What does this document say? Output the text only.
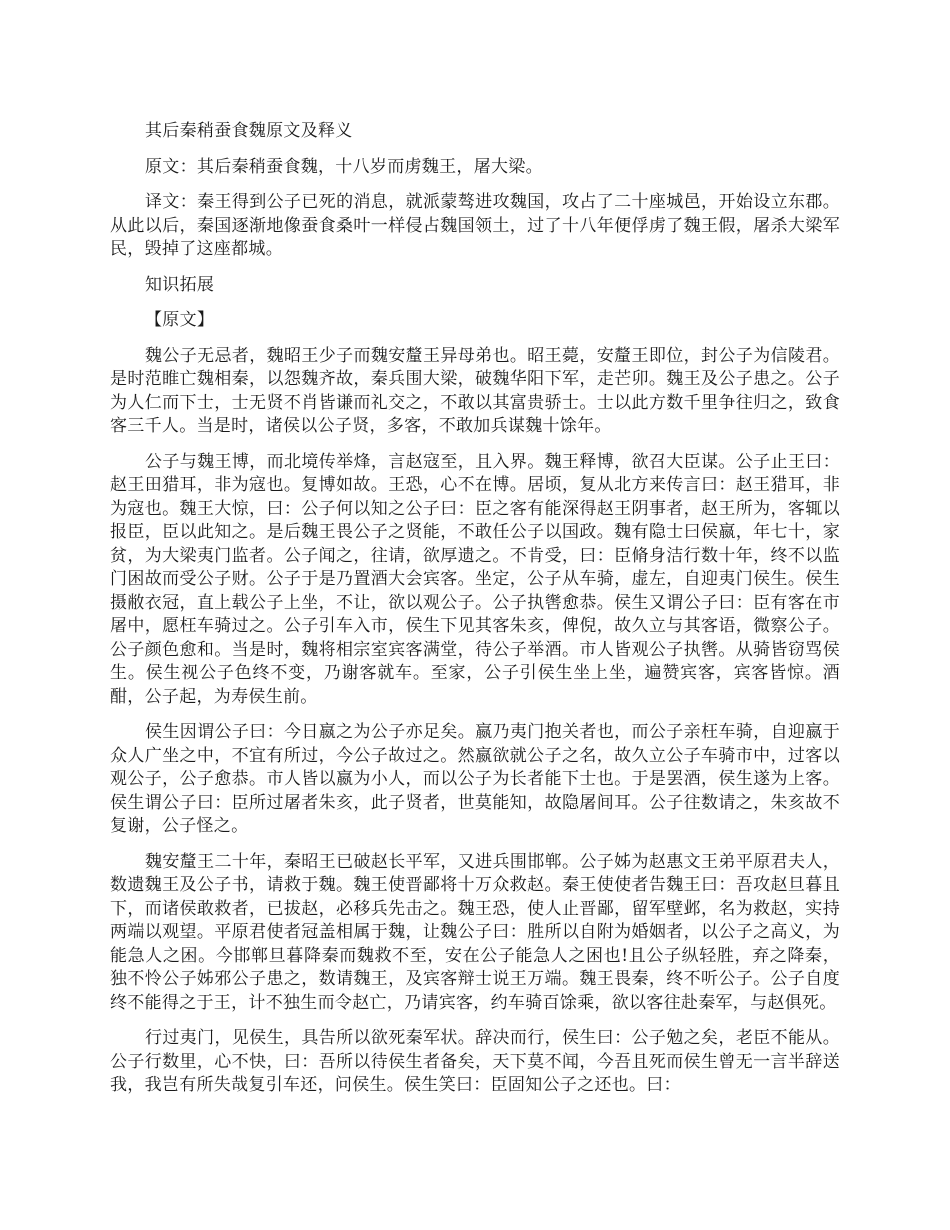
其后秦稍蚕食魏原文及释义

原文：其后秦稍蚕食魏，十八岁而虏魏王，屠大梁。

译文：秦王得到公子已死的消息，就派蒙骜进攻魏国，攻占了二十座城邑，开始设立东郡。从此以后，秦国逐渐地像蚕食桑叶一样侵占魏国领土，过了十八年便俘虏了魏王假，屠杀大梁军民，毁掉了这座都城。

知识拓展

【原文】

魏公子无忌者，魏昭王少子而魏安釐王异母弟也。昭王薨，安釐王即位，封公子为信陵君。是时范睢亡魏相秦，以怨魏齐故，秦兵围大梁，破魏华阳下军，走芒卯。魏王及公子患之。公子为人仁而下士，士无贤不肖皆谦而礼交之，不敢以其富贵骄士。士以此方数千里争往归之，致食客三千人。当是时，诸侯以公子贤，多客，不敢加兵谋魏十馀年。

公子与魏王博，而北境传举烽，言赵寇至，且入界。魏王释博，欲召大臣谋。公子止王曰：赵王田猎耳，非为寇也。复博如故。王恐，心不在博。居顷，复从北方来传言曰：赵王猎耳，非为寇也。魏王大惊，曰：公子何以知之公子曰：臣之客有能深得赵王阴事者，赵王所为，客辄以报臣，臣以此知之。是后魏王畏公子之贤能，不敢任公子以国政。魏有隐士曰侯嬴，年七十，家贫，为大梁夷门监者。公子闻之，往请，欲厚遗之。不肯受，曰：臣脩身洁行数十年，终不以监门困故而受公子财。公子于是乃置酒大会宾客。坐定，公子从车骑，虚左，自迎夷门侯生。侯生摄敝衣冠，直上载公子上坐，不让，欲以观公子。公子执辔愈恭。侯生又谓公子曰：臣有客在市屠中，愿枉车骑过之。公子引车入市，侯生下见其客朱亥，俾倪，故久立与其客语，微察公子。公子颜色愈和。当是时，魏将相宗室宾客满堂，待公子举酒。市人皆观公子执辔。从骑皆窃骂侯生。侯生视公子色终不变，乃谢客就车。至家，公子引侯生坐上坐，遍赞宾客，宾客皆惊。酒酣，公子起，为寿侯生前。

侯生因谓公子曰：今日嬴之为公子亦足矣。嬴乃夷门抱关者也，而公子亲枉车骑，自迎嬴于众人广坐之中，不宜有所过，今公子故过之。然嬴欲就公子之名，故久立公子车骑市中，过客以观公子，公子愈恭。市人皆以嬴为小人，而以公子为长者能下士也。于是罢酒，侯生遂为上客。侯生谓公子曰：臣所过屠者朱亥，此子贤者，世莫能知，故隐屠间耳。公子往数请之，朱亥故不复谢，公子怪之。

魏安釐王二十年，秦昭王已破赵长平军，又进兵围邯郸。公子姊为赵惠文王弟平原君夫人，数遗魏王及公子书，请救于魏。魏王使晋鄙将十万众救赵。秦王使使者告魏王曰：吾攻赵旦暮且下，而诸侯敢救者，已拔赵，必移兵先击之。魏王恐，使人止晋鄙，留军壁邺，名为救赵，实持两端以观望。平原君使者冠盖相属于魏，让魏公子曰：胜所以自附为婚姻者，以公子之高义，为能急人之困。今邯郸旦暮降秦而魏救不至，安在公子能急人之困也!且公子纵轻胜，弃之降秦，独不怜公子姊邪公子患之，数请魏王，及宾客辩士说王万端。魏王畏秦，终不听公子。公子自度终不能得之于王，计不独生而令赵亡，乃请宾客，约车骑百馀乘，欲以客往赴秦军，与赵俱死。

行过夷门，见侯生，具告所以欲死秦军状。辞决而行，侯生曰：公子勉之矣，老臣不能从。公子行数里，心不快，曰：吾所以待侯生者备矣，天下莫不闻，今吾且死而侯生曾无一言半辞送我，我岂有所失哉复引车还，问侯生。侯生笑曰：臣固知公子之还也。曰：
